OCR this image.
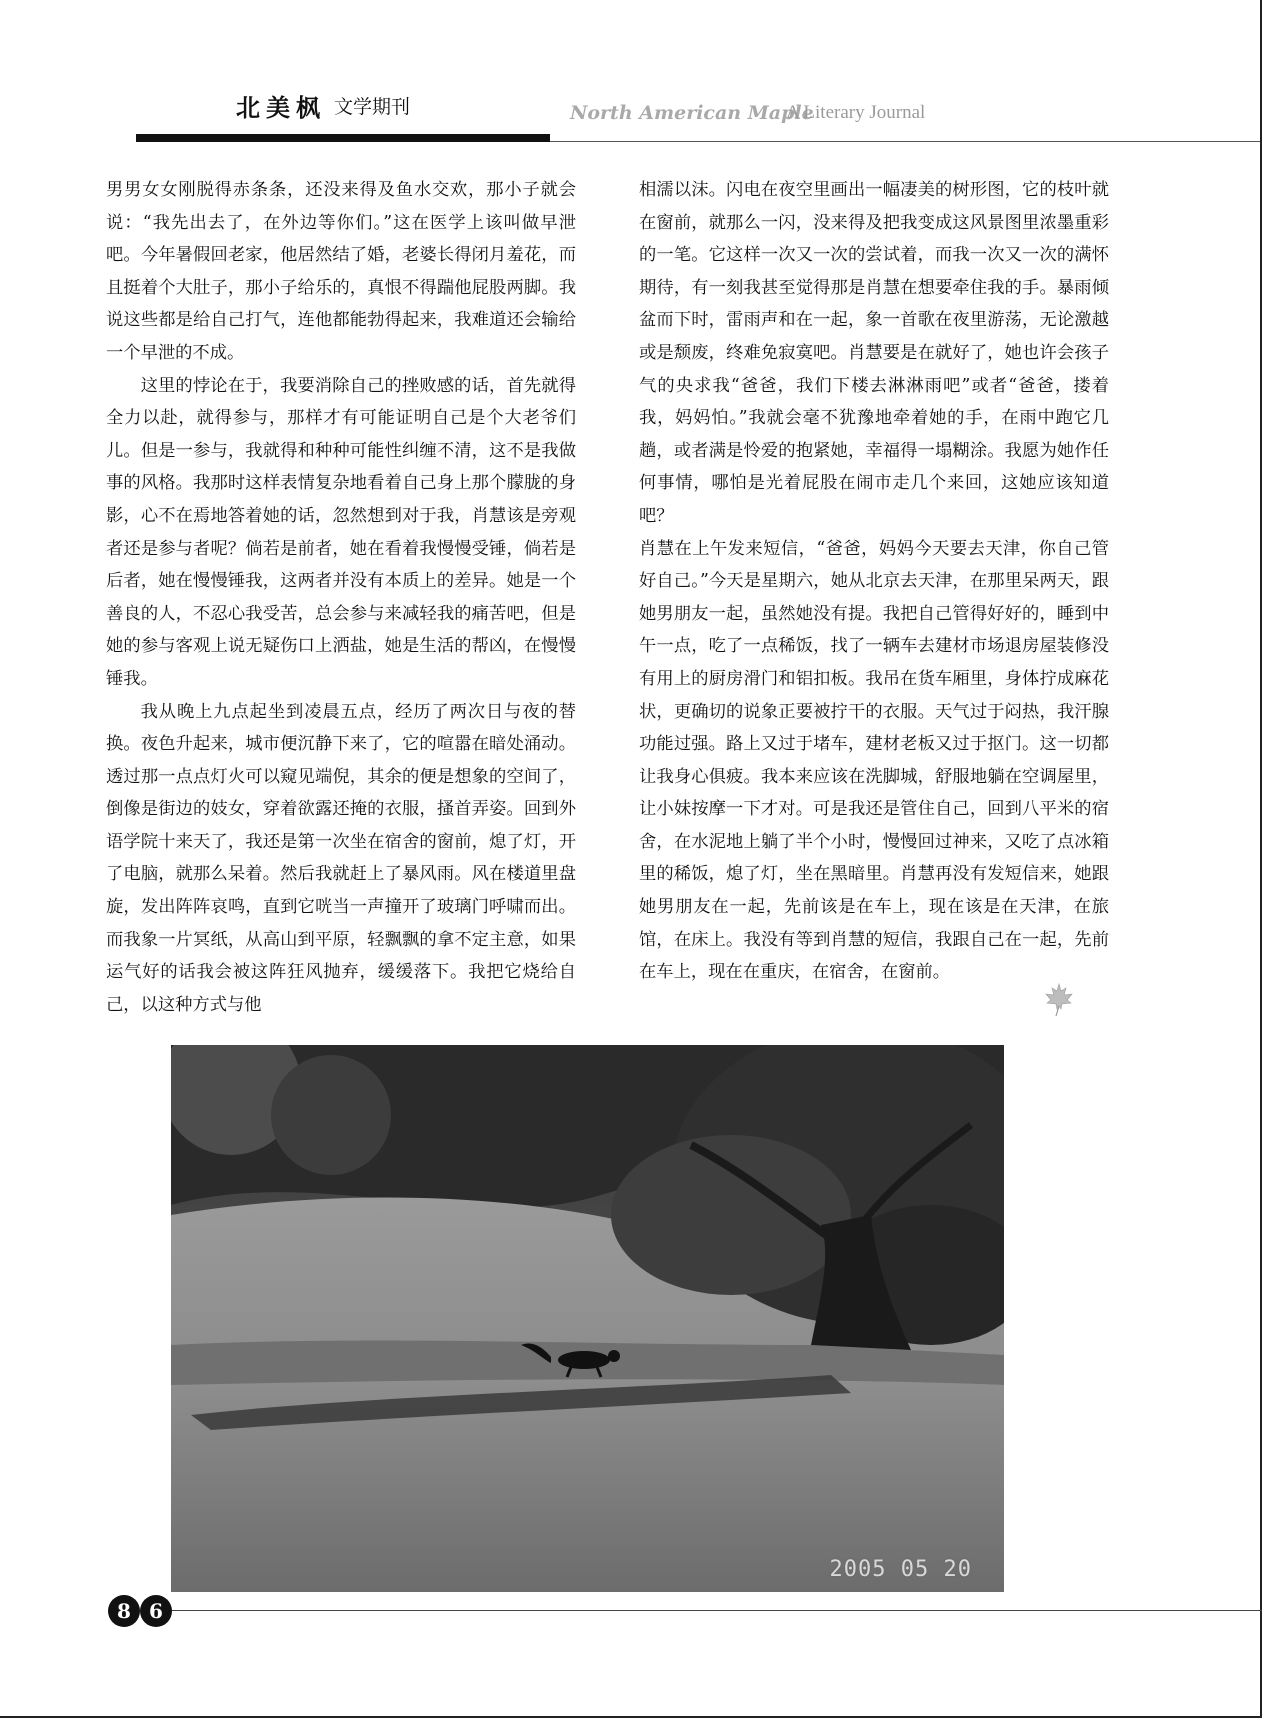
北美枫 文学期刊	North American Maple
A Literary Journal

男男女女刚脱得赤条条，还没来得及鱼水交欢，那小子就会说：“我先出去了，在外边等你们。”这在医学上该叫做早泄吧。今年暑假回老家，他居然结了婚，老婆长得闭月羞花，而且挺着个大肚子，那小子给乐的，真恨不得踹他屁股两脚。我说这些都是给自己打气，连他都能勃得起来，我难道还会输给一个早泄的不成。

这里的悖论在于，我要消除自己的挫败感的话，首先就得全力以赴，就得参与，那样才有可能证明自己是个大老爷们儿。但是一参与，我就得和种种可能性纠缠不清，这不是我做事的风格。我那时这样表情复杂地看着自己身上那个朦胧的身影，心不在焉地答着她的话，忽然想到对于我，肖慧该是旁观者还是参与者呢？倘若是前者，她在看着我慢慢受锤，倘若是后者，她在慢慢锤我，这两者并没有本质上的差异。她是一个善良的人，不忍心我受苦，总会参与来减轻我的痛苦吧，但是她的参与客观上说无疑伤口上洒盐，她是生活的帮凶，在慢慢锤我。

我从晚上九点起坐到凌晨五点，经历了两次日与夜的替换。夜色升起来，城市便沉静下来了，它的喧嚣在暗处涌动。透过那一点点灯火可以窥见端倪，其余的便是想象的空间了，倒像是街边的妓女，穿着欲露还掩的衣服，搔首弄姿。回到外语学院十来天了，我还是第一次坐在宿舍的窗前，熄了灯，开了电脑，就那么呆着。然后我就赶上了暴风雨。风在楼道里盘旋，发出阵阵哀鸣，直到它咣当一声撞开了玻璃门呼啸而出。而我象一片冥纸，从高山到平原，轻飘飘的拿不定主意，如果运气好的话我会被这阵狂风抛弃，缓缓落下。我把它烧给自己，以这种方式与他

相濡以沫。闪电在夜空里画出一幅凄美的树形图，它的枝叶就在窗前，就那么一闪，没来得及把我变成这风景图里浓墨重彩的一笔。它这样一次又一次的尝试着，而我一次又一次的满怀期待，有一刻我甚至觉得那是肖慧在想要牵住我的手。暴雨倾盆而下时，雷雨声和在一起，象一首歌在夜里游荡，无论激越或是颓废，终难免寂寞吧。肖慧要是在就好了，她也许会孩子气的央求我“爸爸，我们下楼去淋淋雨吧”或者“爸爸，搂着我，妈妈怕。”我就会毫不犹豫地牵着她的手，在雨中跑它几趟，或者满是怜爱的抱紧她，幸福得一塌糊涂。我愿为她作任何事情，哪怕是光着屁股在闹市走几个来回，这她应该知道吧？

肖慧在上午发来短信，“爸爸，妈妈今天要去天津，你自己管好自己。”今天是星期六，她从北京去天津，在那里呆两天，跟她男朋友一起，虽然她没有提。我把自己管得好好的，睡到中午一点，吃了一点稀饭，找了一辆车去建材市场退房屋装修没有用上的厨房滑门和铝扣板。我吊在货车厢里，身体拧成麻花状，更确切的说象正要被拧干的衣服。天气过于闷热，我汗腺功能过强。路上又过于堵车，建材老板又过于抠门。这一切都让我身心俱疲。我本来应该在洗脚城，舒服地躺在空调屋里，让小妹按摩一下才对。可是我还是管住自己，回到八平米的宿舍，在水泥地上躺了半个小时，慢慢回过神来，又吃了点冰箱里的稀饭，熄了灯，坐在黑暗里。肖慧再没有发短信来，她跟她男朋友在一起，先前该是在车上，现在该是在天津，在旅馆，在床上。我没有等到肖慧的短信，我跟自己在一起，先前在车上，现在在重庆，在宿舍，在窗前。

2005 05 20
8 6
